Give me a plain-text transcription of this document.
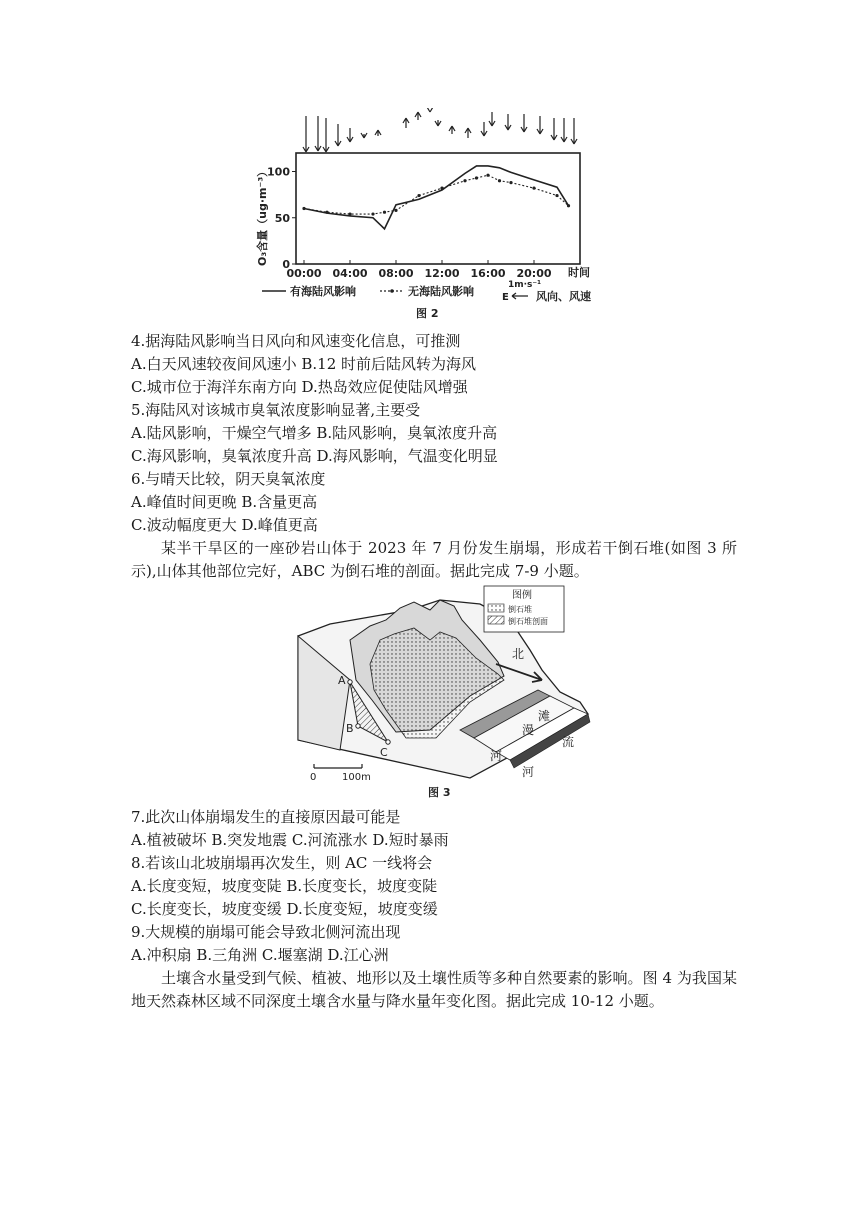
100
50
0
00:00 04:00 08:00 12:00 16:00 20:00
O₃含量（ug·m⁻³）
时间
有海陆风影响	无海陆风影响	1m·s⁻¹
E 风向、风速
图 2
4.据海陆风影响当日风向和风速变化信息，可推测
A.白天风速较夜间风速小 B.12 时前后陆风转为海风
C.城市位于海洋东南方向 D.热岛效应促使陆风增强
5.海陆风对该城市臭氧浓度影响显著,主要受
A.陆风影响，干燥空气增多 B.陆风影响，臭氧浓度升高
C.海风影响，臭氧浓度升高 D.海风影响，气温变化明显
6.与晴天比较，阴天臭氧浓度
A.峰值时间更晚 B.含量更高
C.波动幅度更大 D.峰值更高
某半干旱区的一座砂岩山体于 2023 年 7 月份发生崩塌，形成若干倒石堆(如图 3 所示),山体其他部位完好，ABC 为倒石堆的剖面。据此完成 7-9 小题。
A
B
C
图例
倒石堆
倒石堆剖面
北
滩
漫
流
河
河
0	100m
图 3
7.此次山体崩塌发生的直接原因最可能是
A.植被破坏 B.突发地震 C.河流涨水 D.短时暴雨
8.若该山北坡崩塌再次发生，则 AC 一线将会
A.长度变短，坡度变陡 B.长度变长，坡度变陡
C.长度变长，坡度变缓 D.长度变短，坡度变缓
9.大规模的崩塌可能会导致北侧河流出现
A.冲积扇 B.三角洲 C.堰塞湖 D.江心洲
土壤含水量受到气候、植被、地形以及土壤性质等多种自然要素的影响。图 4 为我国某地天然森林区域不同深度土壤含水量与降水量年变化图。据此完成 10-12 小题。
